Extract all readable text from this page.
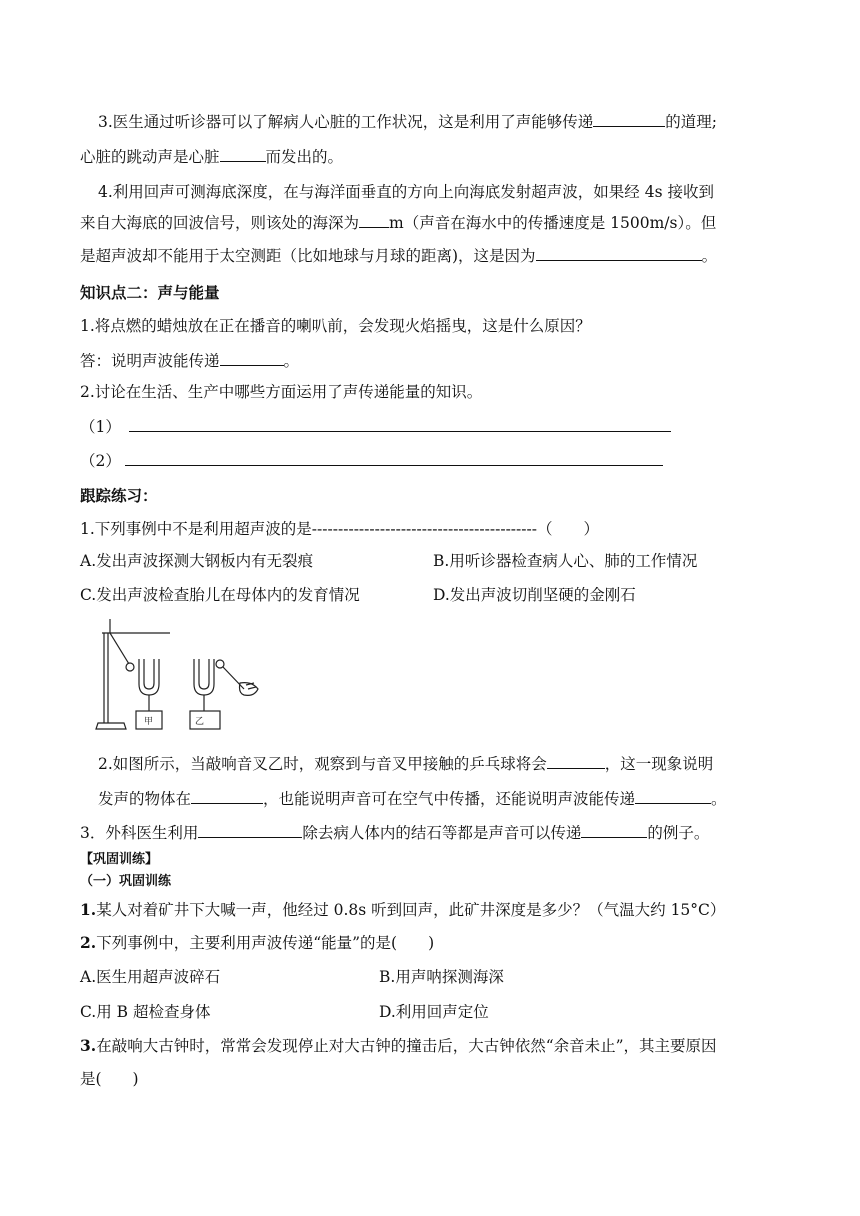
3.医生通过听诊器可以了解病人心脏的工作状况，这是利用了声能够传递	的道理;
心脏的跳动声是心脏	而发出的。
4.利用回声可测海底深度，在与海洋面垂直的方向上向海底发射超声波，如果经 4s 接收到
来自大海底的回波信号，则该处的海深为 m（声音在海水中的传播速度是 1500m/s）。但
是超声波却不能用于太空测距（比如地球与月球的距离)，这是因为	。
知识点二：声与能量
1.将点燃的蜡烛放在正在播音的喇叭前，会发现火焰摇曳，这是什么原因？
答：说明声波能传递	。
2.讨论在生活、生产中哪些方面运用了声传递能量的知识。
（1）
（2）
跟踪练习：
1.下列事例中不是利用超声波的是-------------------------------------------（　　）
A.发出声波探测大钢板内有无裂痕	B.用听诊器检查病人心、肺的工作情况
C.发出声波检查胎儿在母体内的发育情况	D.发出声波切削坚硬的金刚石
甲	乙
2.如图所示，当敲响音叉乙时，观察到与音叉甲接触的乒乓球将会	，这一现象说明
发声的物体在	，也能说明声音可在空气中传播，还能说明声波能传递	。
3．外科医生利用	除去病人体内的结石等都是声音可以传递	的例子。
【巩固训练】
（一）巩固训练
1.某人对着矿井下大喊一声，他经过 0.8s 听到回声，此矿井深度是多少？（气温大约 15°C）
2.下列事例中，主要利用声波传递“能量”的是(　　)
A.医生用超声波碎石	B.用声呐探测海深
C.用 B 超检查身体	D.利用回声定位
3.在敲响大古钟时，常常会发现停止对大古钟的撞击后，大古钟依然“余音未止”，其主要原因
是(　　)
